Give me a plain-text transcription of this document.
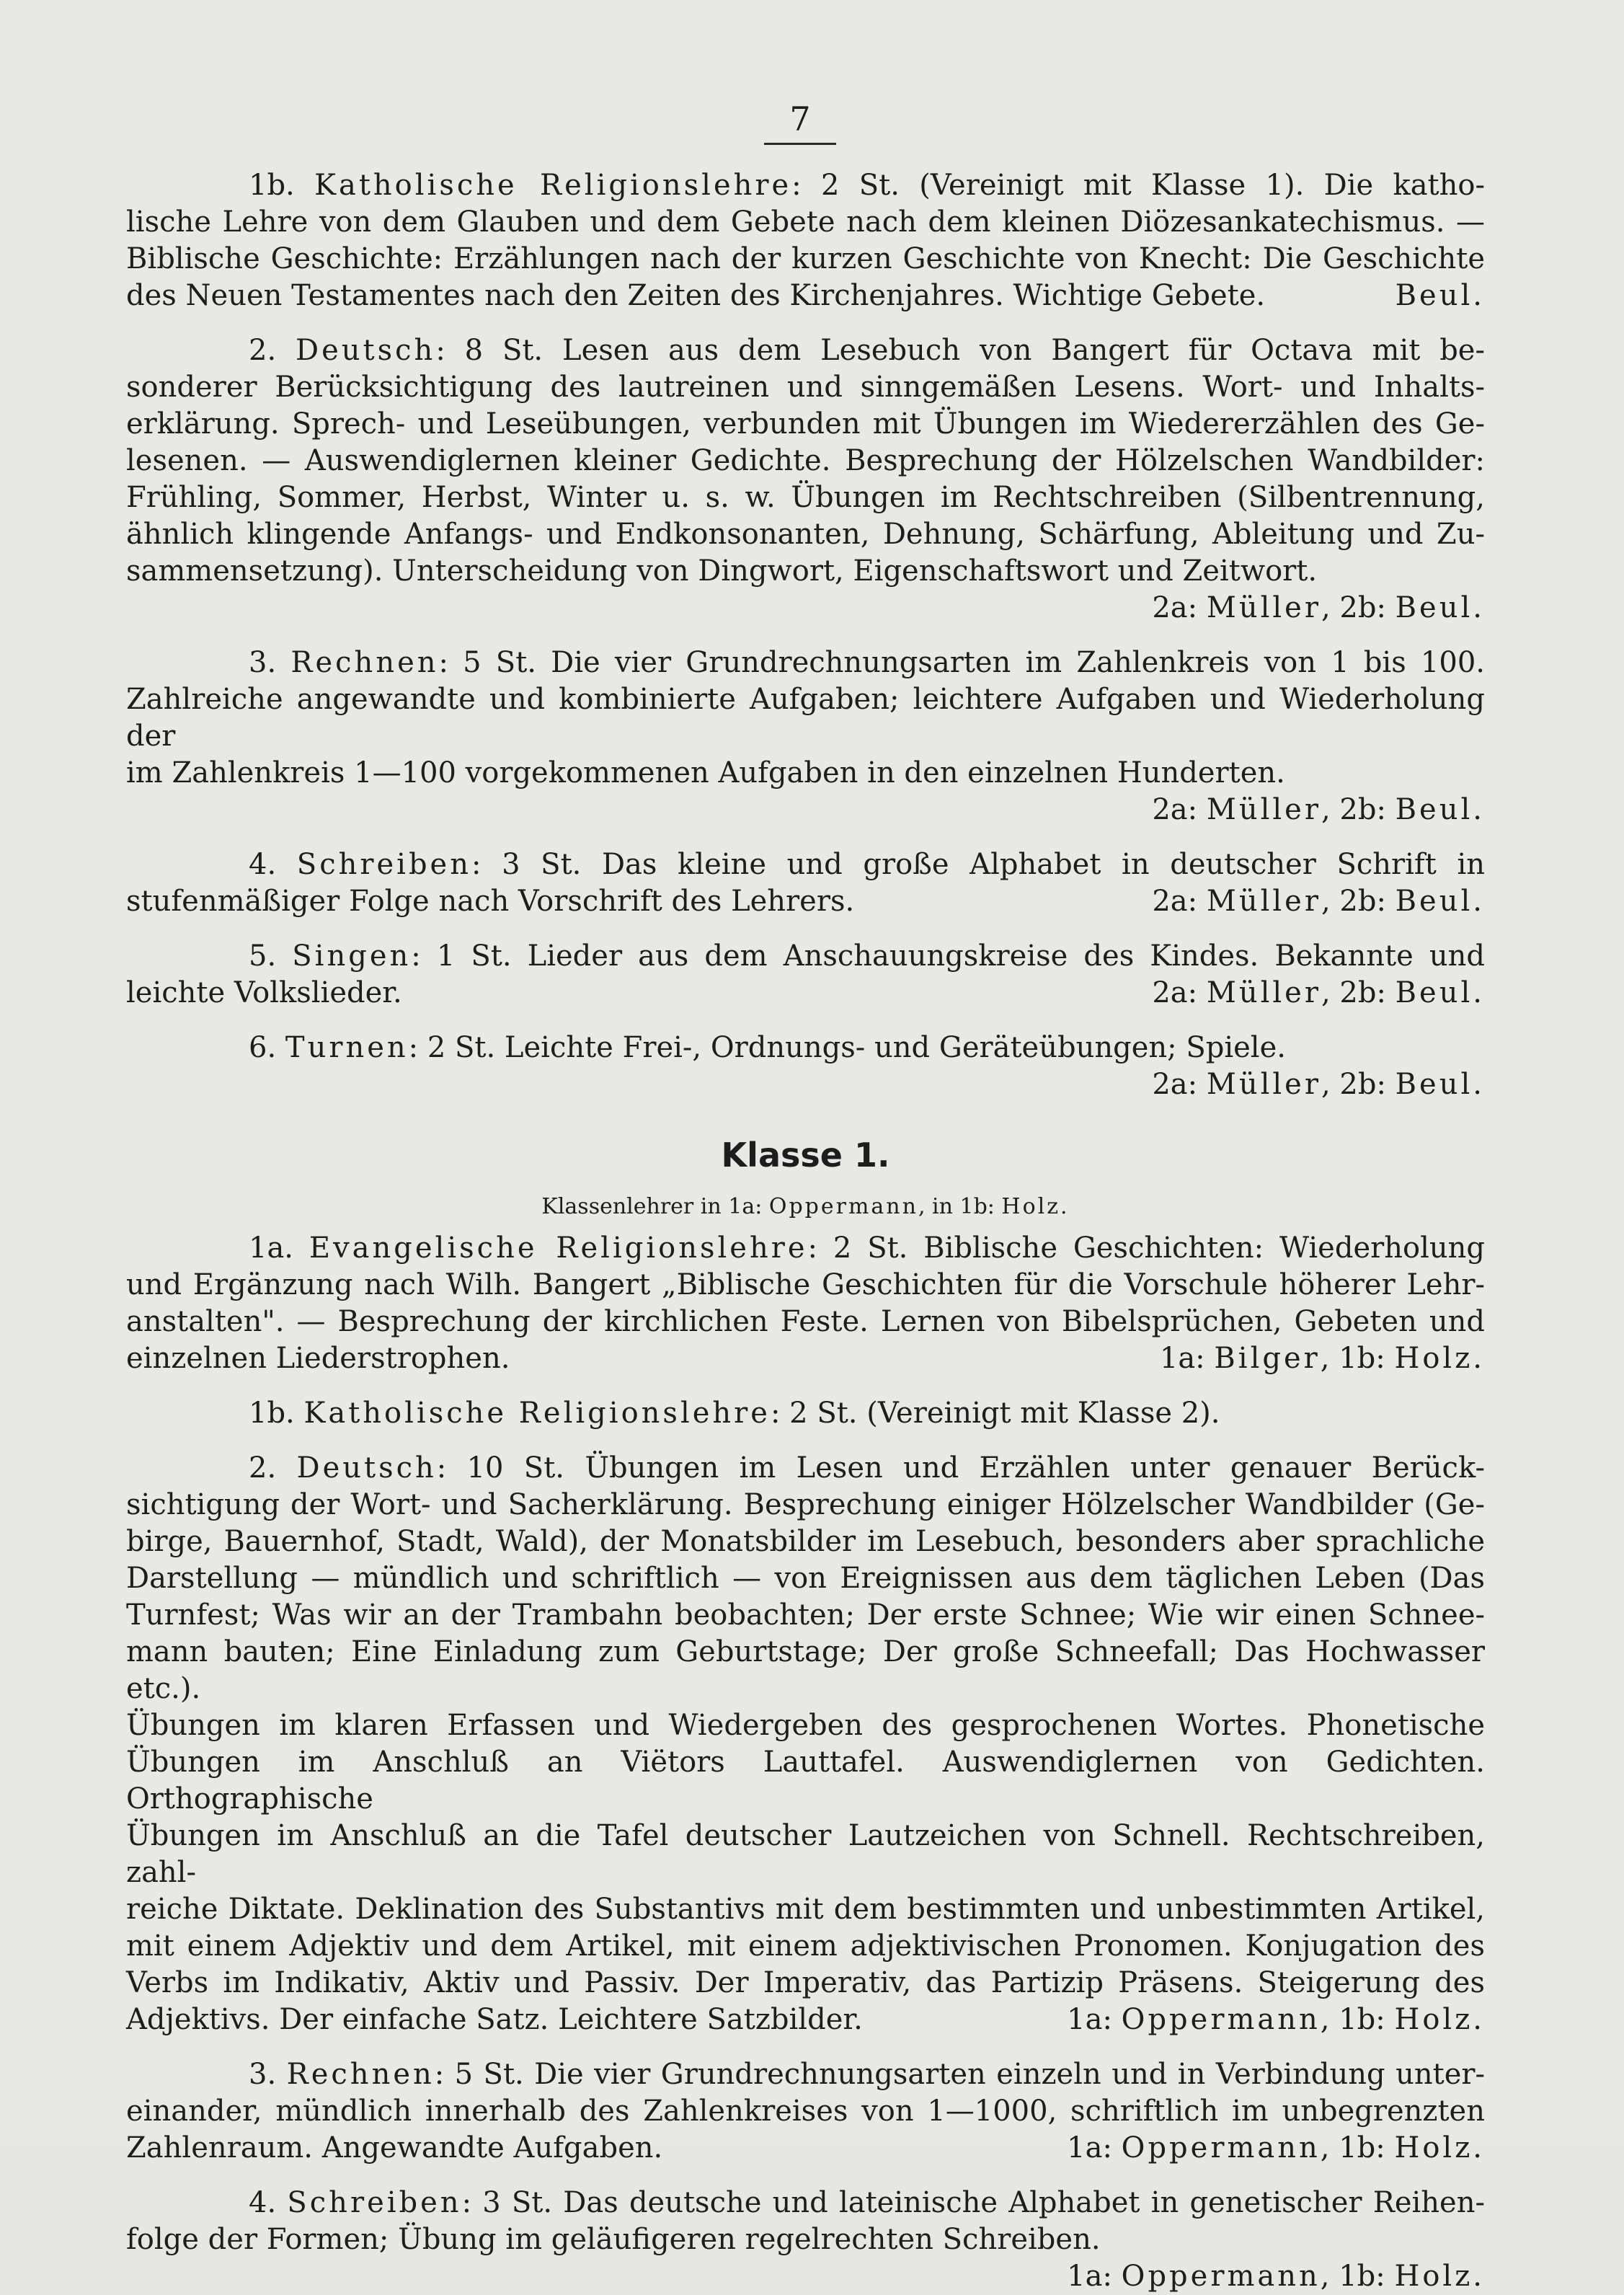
7
1b. Katholische Religionslehre: 2 St. (Vereinigt mit Klasse 1). Die katho-
lische Lehre von dem Glauben und dem Gebete nach dem kleinen Diözesankatechismus. —
Biblische Geschichte: Erzählungen nach der kurzen Geschichte von Knecht: Die Geschichte
des Neuen Testamentes nach den Zeiten des Kirchenjahres. Wichtige Gebete.	Beul.
2. Deutsch: 8 St. Lesen aus dem Lesebuch von Bangert für Octava mit be-
sonderer Berücksichtigung des lautreinen und sinngemäßen Lesens. Wort- und Inhalts-
erklärung. Sprech- und Leseübungen, verbunden mit Übungen im Wiedererzählen des Ge-
lesenen. — Auswendiglernen kleiner Gedichte. Besprechung der Hölzelschen Wandbilder:
Frühling, Sommer, Herbst, Winter u. s. w. Übungen im Rechtschreiben (Silbentrennung,
ähnlich klingende Anfangs- und Endkonsonanten, Dehnung, Schärfung, Ableitung und Zu-
sammensetzung). Unterscheidung von Dingwort, Eigenschaftswort und Zeitwort.
2a: Müller, 2b: Beul.
3. Rechnen: 5 St. Die vier Grundrechnungsarten im Zahlenkreis von 1 bis 100.
Zahlreiche angewandte und kombinierte Aufgaben; leichtere Aufgaben und Wiederholung der
im Zahlenkreis 1—100 vorgekommenen Aufgaben in den einzelnen Hunderten.
2a: Müller, 2b: Beul.
4. Schreiben: 3 St. Das kleine und große Alphabet in deutscher Schrift in
stufenmäßiger Folge nach Vorschrift des Lehrers.	2a: Müller, 2b: Beul.
5. Singen: 1 St. Lieder aus dem Anschauungskreise des Kindes. Bekannte und
leichte Volkslieder.	2a: Müller, 2b: Beul.
6. Turnen: 2 St. Leichte Frei-, Ordnungs- und Geräteübungen; Spiele.
2a: Müller, 2b: Beul.
Klasse 1.
Klassenlehrer in 1a: Oppermann, in 1b: Holz.
1a. Evangelische Religionslehre: 2 St. Biblische Geschichten: Wiederholung
und Ergänzung nach Wilh. Bangert „Biblische Geschichten für die Vorschule höherer Lehr-
anstalten". — Besprechung der kirchlichen Feste. Lernen von Bibelsprüchen, Gebeten und
einzelnen Liederstrophen.	1a: Bilger, 1b: Holz.
1b. Katholische Religionslehre: 2 St. (Vereinigt mit Klasse 2).
2. Deutsch: 10 St. Übungen im Lesen und Erzählen unter genauer Berück-
sichtigung der Wort- und Sacherklärung. Besprechung einiger Hölzelscher Wandbilder (Ge-
birge, Bauernhof, Stadt, Wald), der Monatsbilder im Lesebuch, besonders aber sprachliche
Darstellung — mündlich und schriftlich — von Ereignissen aus dem täglichen Leben (Das
Turnfest; Was wir an der Trambahn beobachten; Der erste Schnee; Wie wir einen Schnee-
mann bauten; Eine Einladung zum Geburtstage; Der große Schneefall; Das Hochwasser etc.).
Übungen im klaren Erfassen und Wiedergeben des gesprochenen Wortes. Phonetische
Übungen im Anschluß an Viëtors Lauttafel. Auswendiglernen von Gedichten. Orthographische
Übungen im Anschluß an die Tafel deutscher Lautzeichen von Schnell. Rechtschreiben, zahl-
reiche Diktate. Deklination des Substantivs mit dem bestimmten und unbestimmten Artikel,
mit einem Adjektiv und dem Artikel, mit einem adjektivischen Pronomen. Konjugation des
Verbs im Indikativ, Aktiv und Passiv. Der Imperativ, das Partizip Präsens. Steigerung des
Adjektivs. Der einfache Satz. Leichtere Satzbilder.	1a: Oppermann, 1b: Holz.
3. Rechnen: 5 St. Die vier Grundrechnungsarten einzeln und in Verbindung unter-
einander, mündlich innerhalb des Zahlenkreises von 1—1000, schriftlich im unbegrenzten
Zahlenraum. Angewandte Aufgaben.	1a: Oppermann, 1b: Holz.
4. Schreiben: 3 St. Das deutsche und lateinische Alphabet in genetischer Reihen-
folge der Formen; Übung im geläufigeren regelrechten Schreiben.
1a: Oppermann, 1b: Holz.
